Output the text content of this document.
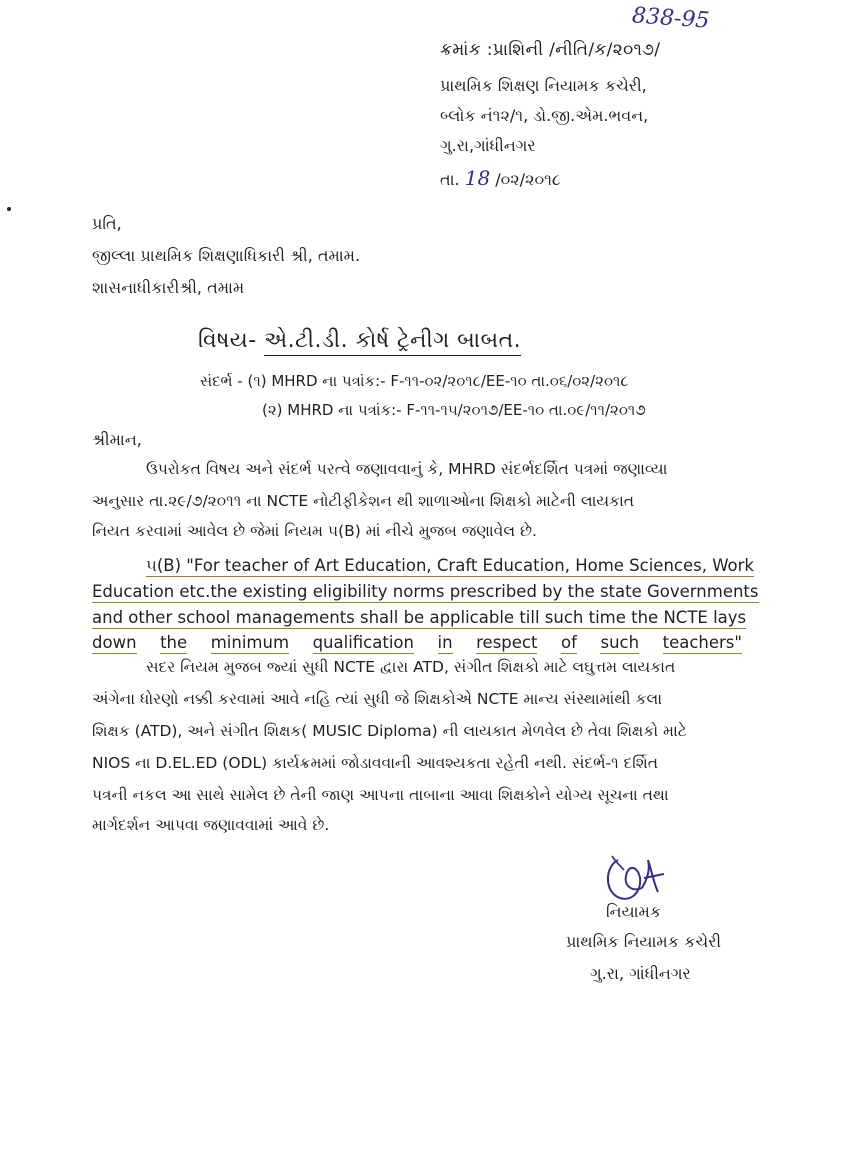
838-95
ક્રમાંક :પ્રાશિની /નીતિ/ક/૨૦૧૭/
પ્રાથમિક શિક્ષણ નિયામક કચેરી,
બ્લોક નં૧૨/૧, ડો.જી.એમ.ભવન,
ગુ.રા,ગાંધીનગર
તા. 18 /૦૨/૨૦૧૮
પ્રતિ,
જીલ્લા પ્રાથમિક શિક્ષણાધિકારી શ્રી, તમામ.
શાસનાધીકારીશ્રી, તમામ
વિષય- એ.ટી.ડી. કોર્ષ ટ્રેનીગ બાબત.
સંદર્ભ - (૧) MHRD ના પત્રાંક:- F-૧૧-૦૨/૨૦૧૮/EE-૧૦ તા.૦૬/૦૨/૨૦૧૮
(૨) MHRD ના પત્રાંક:- F-૧૧-૧૫/૨૦૧૭/EE-૧૦ તા.૦૯/૧૧/૨૦૧૭
શ્રીમાન,
ઉપરોકત વિષય અને સંદર્ભ પરત્વે જણાવવાનું કે, MHRD સંદર્ભદર્શિત પત્રમાં જણાવ્યા
અનુસાર તા.૨૯/૭/૨૦૧૧ ના NCTE નોટીફીકેશન થી શાળાઓના શિક્ષકો માટેની લાયકાત
નિયત કરવામાં આવેલ છે જેમાં નિયમ ૫(B) માં નીચે મુજબ જણાવેલ છે.
૫(B) "For teacher of Art Education, Craft Education, Home Sciences, Work
Education etc.the existing eligibility norms prescribed by the state Governments
and other school managements shall be applicable till such time the NCTE lays
down the minimum qualification in respect of such teachers"
સદર નિયમ મુજબ જ્યાં સુધી NCTE દ્વારા ATD, સંગીત શિક્ષકો માટે લઘુત્તમ લાયકાત
અંગેના ધોરણો નક્કી કરવામાં આવે નહિ ત્યાં સુધી જે શિક્ષકોએ NCTE માન્ય સંસ્થામાંથી કલા
શિક્ષક (ATD), અને સંગીત શિક્ષક( MUSIC Diploma) ની લાયકાત મેળવેલ છે તેવા શિક્ષકો માટે
NIOS ના D.EL.ED (ODL) કાર્યક્રમમાં જોડાવવાની આવશ્યકતા રહેતી નથી. સંદર્ભ-૧ દર્શિત
પત્રની નકલ આ સાથે સામેલ છે તેની જાણ આપના તાબાના આવા શિક્ષકોને યોગ્ય સૂચના તથા
માર્ગદર્શન આપવા જણાવવામાં આવે છે.
નિયામક
પ્રાથમિક નિયામક કચેરી
ગુ.રા, ગાંધીનગર
